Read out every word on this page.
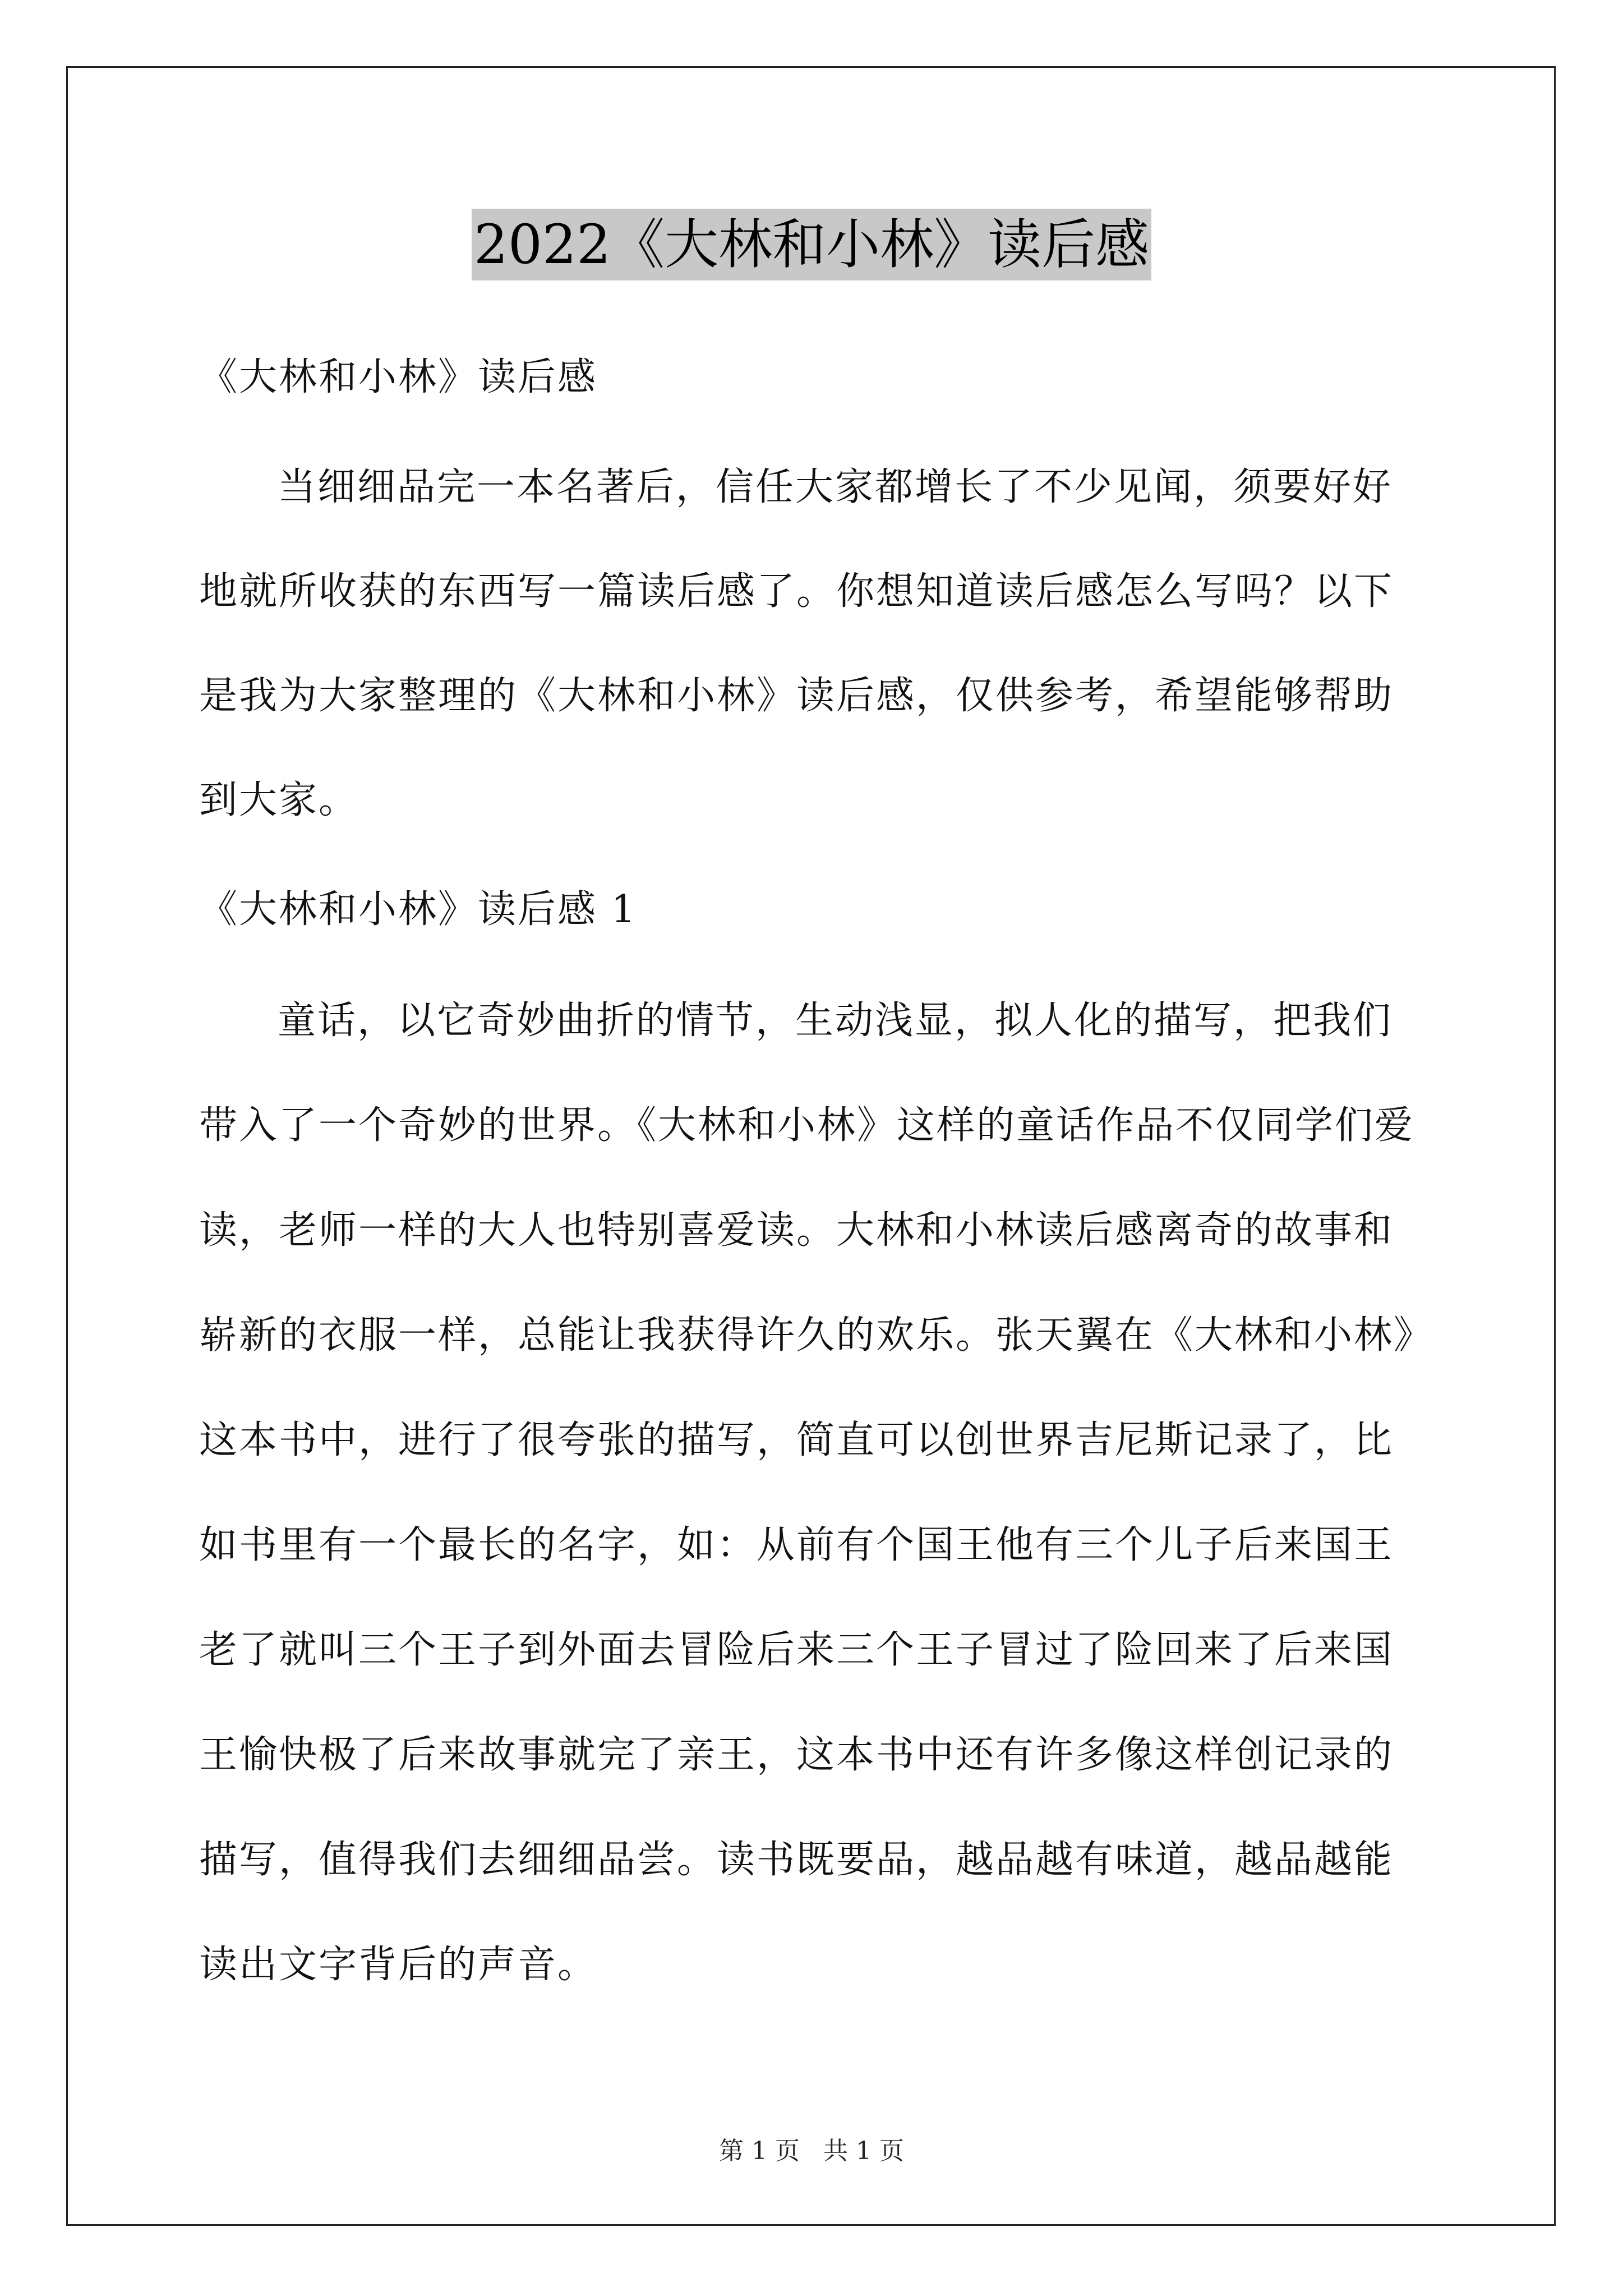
2022《大林和小林》读后感
《大林和小林》读后感
当细细品完一本名著后，信任大家都增长了不少见闻，须要好好
地就所收获的东西写一篇读后感了。你想知道读后感怎么写吗？以下
是我为大家整理的《大林和小林》读后感，仅供参考，希望能够帮助
到大家。
《大林和小林》读后感 1
童话，以它奇妙曲折的情节，生动浅显，拟人化的描写，把我们
带入了一个奇妙的世界。《大林和小林》这样的童话作品不仅同学们爱
读，老师一样的大人也特别喜爱读。大林和小林读后感离奇的故事和
崭新的衣服一样，总能让我获得许久的欢乐。张天翼在《大林和小林》
这本书中，进行了很夸张的描写，简直可以创世界吉尼斯记录了，比
如书里有一个最长的名字，如：从前有个国王他有三个儿子后来国王
老了就叫三个王子到外面去冒险后来三个王子冒过了险回来了后来国
王愉快极了后来故事就完了亲王，这本书中还有许多像这样创记录的
描写，值得我们去细细品尝。读书既要品，越品越有味道，越品越能
读出文字背后的声音。
第 1 页 共 1 页
